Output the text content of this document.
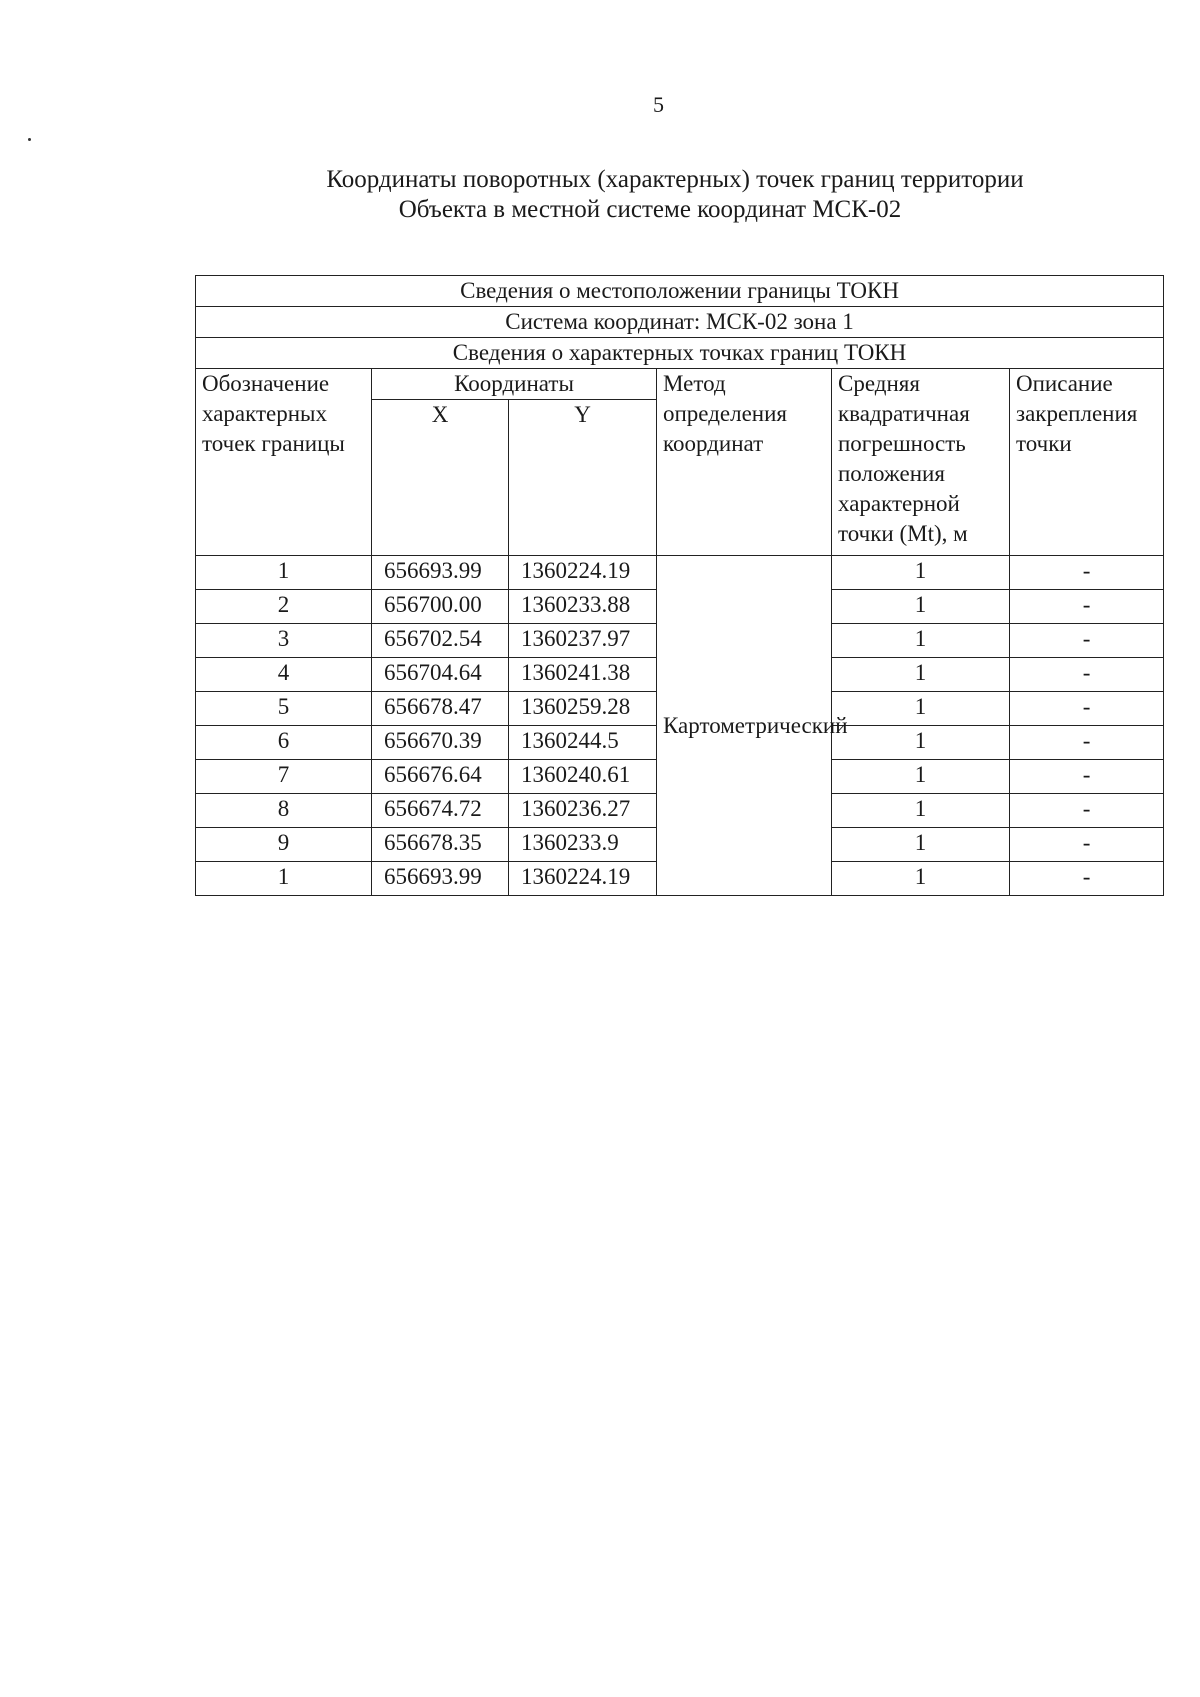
5
Координаты поворотных (характерных) точек границ территории
Объекта в местной системе координат МСК-02
Сведения о местоположении границы ТОКН					
Система координат: МСК-02 зона 1					
Сведения о характерных точках границ ТОКН					
Обозначение характерных точек границы	Координаты		Метод определения координат	Средняя квадратичная погрешность положения характерной точки (Mt), м	Описание закрепления точки
	X	Y			
1	656693.99	1360224.19	Картометрический	1	-
2	656700.00	1360233.88		1	-
3	656702.54	1360237.97		1	-
4	656704.64	1360241.38		1	-
5	656678.47	1360259.28		1	-
6	656670.39	1360244.5		1	-
7	656676.64	1360240.61		1	-
8	656674.72	1360236.27		1	-
9	656678.35	1360233.9		1	-
1	656693.99	1360224.19		1	-
